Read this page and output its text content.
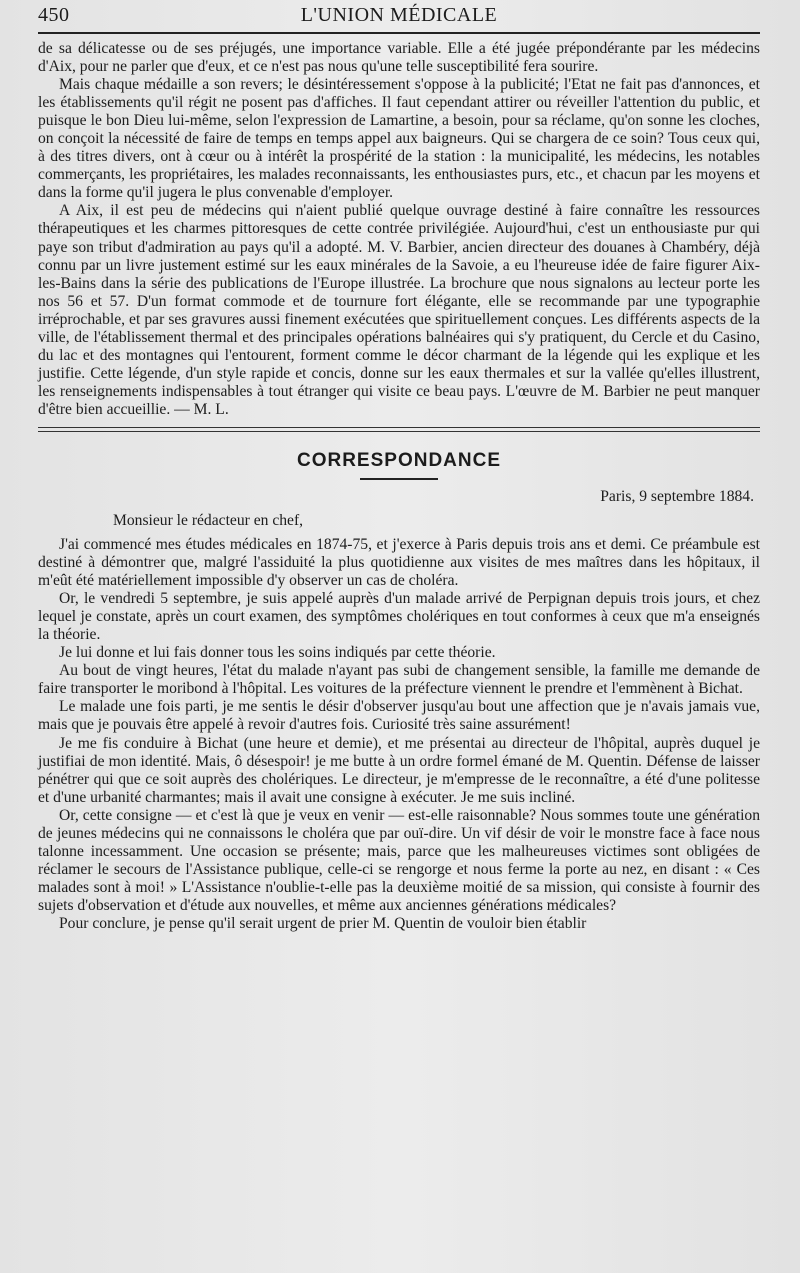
450	L'UNION MÉDICALE

de sa délicatesse ou de ses préjugés, une importance variable. Elle a été jugée prépondérante par les médecins d'Aix, pour ne parler que d'eux, et ce n'est pas nous qu'une telle susceptibilité fera sourire.

Mais chaque médaille a son revers; le désintéressement s'oppose à la publicité; l'Etat ne fait pas d'annonces, et les établissements qu'il régit ne posent pas d'affiches. Il faut cependant attirer ou réveiller l'attention du public, et puisque le bon Dieu lui-même, selon l'expression de Lamartine, a besoin, pour sa réclame, qu'on sonne les cloches, on conçoit la nécessité de faire de temps en temps appel aux baigneurs. Qui se chargera de ce soin? Tous ceux qui, à des titres divers, ont à cœur ou à intérêt la prospérité de la station : la municipalité, les médecins, les notables commerçants, les propriétaires, les malades reconnaissants, les enthousiastes purs, etc., et chacun par les moyens et dans la forme qu'il jugera le plus convenable d'employer.

A Aix, il est peu de médecins qui n'aient publié quelque ouvrage destiné à faire connaître les ressources thérapeutiques et les charmes pittoresques de cette contrée privilégiée. Aujourd'hui, c'est un enthousiaste pur qui paye son tribut d'admiration au pays qu'il a adopté. M. V. Barbier, ancien directeur des douanes à Chambéry, déjà connu par un livre justement estimé sur les eaux minérales de la Savoie, a eu l'heureuse idée de faire figurer Aix-les-Bains dans la série des publications de l'Europe illustrée. La brochure que nous signalons au lecteur porte les nos 56 et 57. D'un format commode et de tournure fort élégante, elle se recommande par une typographie irréprochable, et par ses gravures aussi finement exécutées que spirituellement conçues. Les différents aspects de la ville, de l'établissement thermal et des principales opérations balnéaires qui s'y pratiquent, du Cercle et du Casino, du lac et des montagnes qui l'entourent, forment comme le décor charmant de la légende qui les explique et les justifie. Cette légende, d'un style rapide et concis, donne sur les eaux thermales et sur la vallée qu'elles illustrent, les renseignements indispensables à tout étranger qui visite ce beau pays. L'œuvre de M. Barbier ne peut manquer d'être bien accueillie. — M. L.

CORRESPONDANCE
Paris, 9 septembre 1884.
Monsieur le rédacteur en chef,

J'ai commencé mes études médicales en 1874-75, et j'exerce à Paris depuis trois ans et demi. Ce préambule est destiné à démontrer que, malgré l'assiduité la plus quotidienne aux visites de mes maîtres dans les hôpitaux, il m'eût été matériellement impossible d'y observer un cas de choléra.

Or, le vendredi 5 septembre, je suis appelé auprès d'un malade arrivé de Perpignan depuis trois jours, et chez lequel je constate, après un court examen, des symptômes cholériques en tout conformes à ceux que m'a enseignés la théorie.

Je lui donne et lui fais donner tous les soins indiqués par cette théorie.

Au bout de vingt heures, l'état du malade n'ayant pas subi de changement sensible, la famille me demande de faire transporter le moribond à l'hôpital. Les voitures de la préfecture viennent le prendre et l'emmènent à Bichat.

Le malade une fois parti, je me sentis le désir d'observer jusqu'au bout une affection que je n'avais jamais vue, mais que je pouvais être appelé à revoir d'autres fois. Curiosité très saine assurément!

Je me fis conduire à Bichat (une heure et demie), et me présentai au directeur de l'hôpital, auprès duquel je justifiai de mon identité. Mais, ô désespoir! je me butte à un ordre formel émané de M. Quentin. Défense de laisser pénétrer qui que ce soit auprès des cholériques. Le directeur, je m'empresse de le reconnaître, a été d'une politesse et d'une urbanité charmantes; mais il avait une consigne à exécuter. Je me suis incliné.

Or, cette consigne — et c'est là que je veux en venir — est-elle raisonnable? Nous sommes toute une génération de jeunes médecins qui ne connaissons le choléra que par ouï-dire. Un vif désir de voir le monstre face à face nous talonne incessamment. Une occasion se présente; mais, parce que les malheureuses victimes sont obligées de réclamer le secours de l'Assistance publique, celle-ci se rengorge et nous ferme la porte au nez, en disant : « Ces malades sont à moi! » L'Assistance n'oublie-t-elle pas la deuxième moitié de sa mission, qui consiste à fournir des sujets d'observation et d'étude aux nouvelles, et même aux anciennes générations médicales?

Pour conclure, je pense qu'il serait urgent de prier M. Quentin de vouloir bien établir
